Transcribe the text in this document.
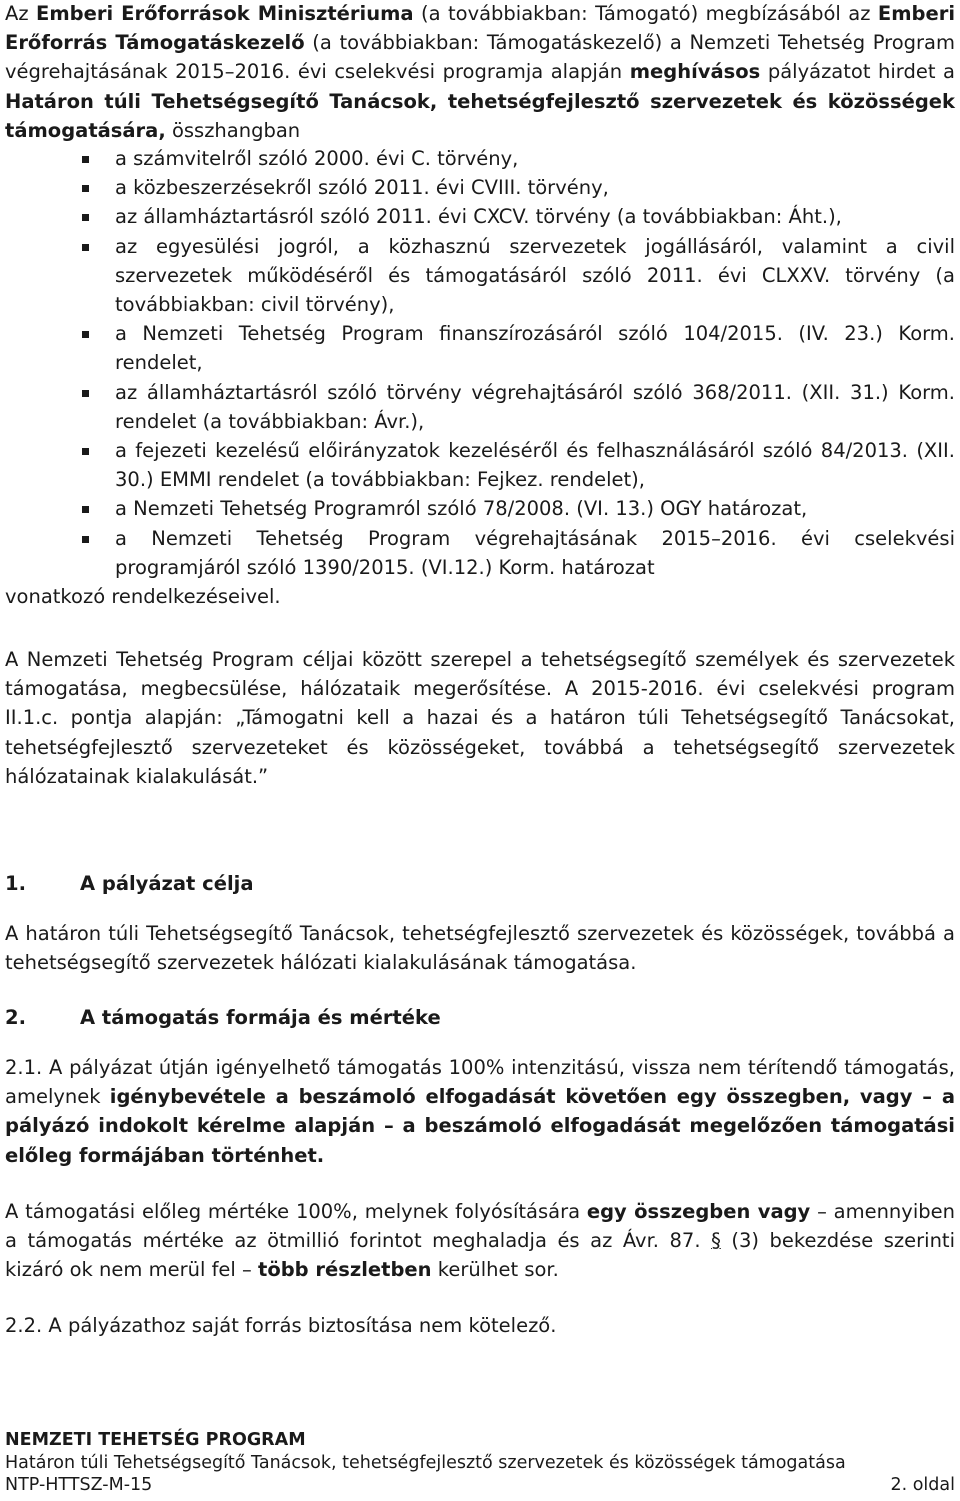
Az Emberi Erőforrások Minisztériuma (a továbbiakban: Támogató) megbízásából az Emberi Erőforrás Támogatáskezelő (a továbbiakban: Támogatáskezelő) a Nemzeti Tehetség Program végrehajtásának 2015–2016. évi cselekvési programja alapján meghívásos pályázatot hirdet a Határon túli Tehetségsegítő Tanácsok, tehetségfejlesztő szervezetek és közösségek támogatására, összhangban

a számvitelről szóló 2000. évi C. törvény,
a közbeszerzésekről szóló 2011. évi CVIII. törvény,
az államháztartásról szóló 2011. évi CXCV. törvény (a továbbiakban: Áht.),
az egyesülési jogról, a közhasznú szervezetek jogállásáról, valamint a civil szervezetek működéséről és támogatásáról szóló 2011. évi CLXXV. törvény (a továbbiakban: civil törvény),
a Nemzeti Tehetség Program finanszírozásáról szóló 104/2015. (IV. 23.) Korm. rendelet,
az államháztartásról szóló törvény végrehajtásáról szóló 368/2011. (XII. 31.) Korm. rendelet (a továbbiakban: Ávr.),
a fejezeti kezelésű előirányzatok kezeléséről és felhasználásáról szóló 84/2013. (XII. 30.) EMMI rendelet (a továbbiakban: Fejkez. rendelet),
a Nemzeti Tehetség Programról szóló 78/2008. (VI. 13.) OGY határozat,
a Nemzeti Tehetség Program végrehajtásának 2015–2016. évi cselekvési programjáról szóló 1390/2015. (VI.12.) Korm. határozat

vonatkozó rendelkezéseivel.

A Nemzeti Tehetség Program céljai között szerepel a tehetségsegítő személyek és szervezetek támogatása, megbecsülése, hálózataik megerősítése. A 2015-2016. évi cselekvési program II.1.c. pontja alapján: „Támogatni kell a hazai és a határon túli Tehetségsegítő Tanácsokat, tehetségfejlesztő szervezeteket és közösségeket, továbbá a tehetségsegítő szervezetek hálózatainak kialakulását.”

1.	A pályázat célja

A határon túli Tehetségsegítő Tanácsok, tehetségfejlesztő szervezetek és közösségek, továbbá a tehetségsegítő szervezetek hálózati kialakulásának támogatása.

2.	A támogatás formája és mértéke

2.1. A pályázat útján igényelhető támogatás 100% intenzitású, vissza nem térítendő támogatás, amelynek igénybevétele a beszámoló elfogadását követően egy összegben, vagy – a pályázó indokolt kérelme alapján – a beszámoló elfogadását megelőzően támogatási előleg formájában történhet.

A támogatási előleg mértéke 100%, melynek folyósítására egy összegben vagy – amennyiben a támogatás mértéke az ötmillió forintot meghaladja és az Ávr. 87. § (3) bekezdése szerinti kizáró ok nem merül fel – több részletben kerülhet sor.

2.2. A pályázathoz saját forrás biztosítása nem kötelező.

NEMZETI TEHETSÉG PROGRAM
Határon túli Tehetségsegítő Tanácsok, tehetségfejlesztő szervezetek és közösségek támogatása
NTP-HTTSZ-M-15	2. oldal
